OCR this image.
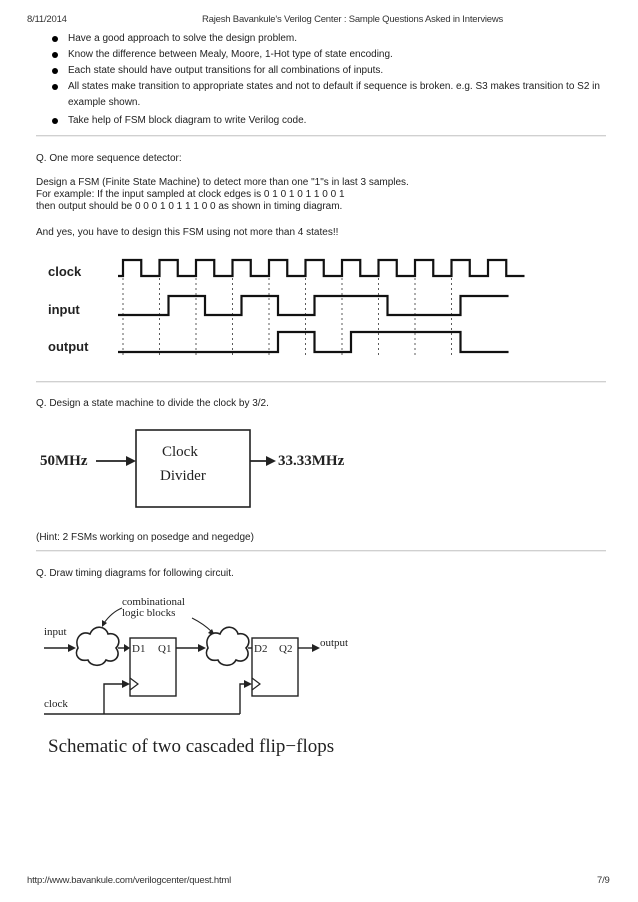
8/11/2014	Rajesh Bavankule's Verilog Center : Sample Questions Asked in Interviews
Have a good approach to solve the design problem.
Know the difference between Mealy, Moore, 1-Hot type of state encoding.
Each state should have output transitions for all combinations of inputs.
All states make transition to appropriate states and not to default if sequence is broken. e.g. S3 makes transition to S2 in example shown.
Take help of FSM block diagram to write Verilog code.
Q. One more sequence detector:
Design a FSM (Finite State Machine) to detect more than one "1"s in last 3 samples.
For example: If the input sampled at clock edges is 0 1 0 1 0 1 1 0 0 1
then output should be 0 0 0 1 0 1 1 1 0 0 as shown in timing diagram.
And yes, you have to design this FSM using not more than 4 states!!
clock
input
output
Q. Design a state machine to divide the clock by 3/2.
50MHz
Clock
Divider
33.33MHz
(Hint: 2 FSMs working on posedge and negedge)
Q. Draw timing diagrams for following circuit.
combinational
logic blocks
input
D1 Q1	D2 Q2	output
clock
Schematic of two cascaded flip−flops
http://www.bavankule.com/verilogcenter/quest.html	7/9
